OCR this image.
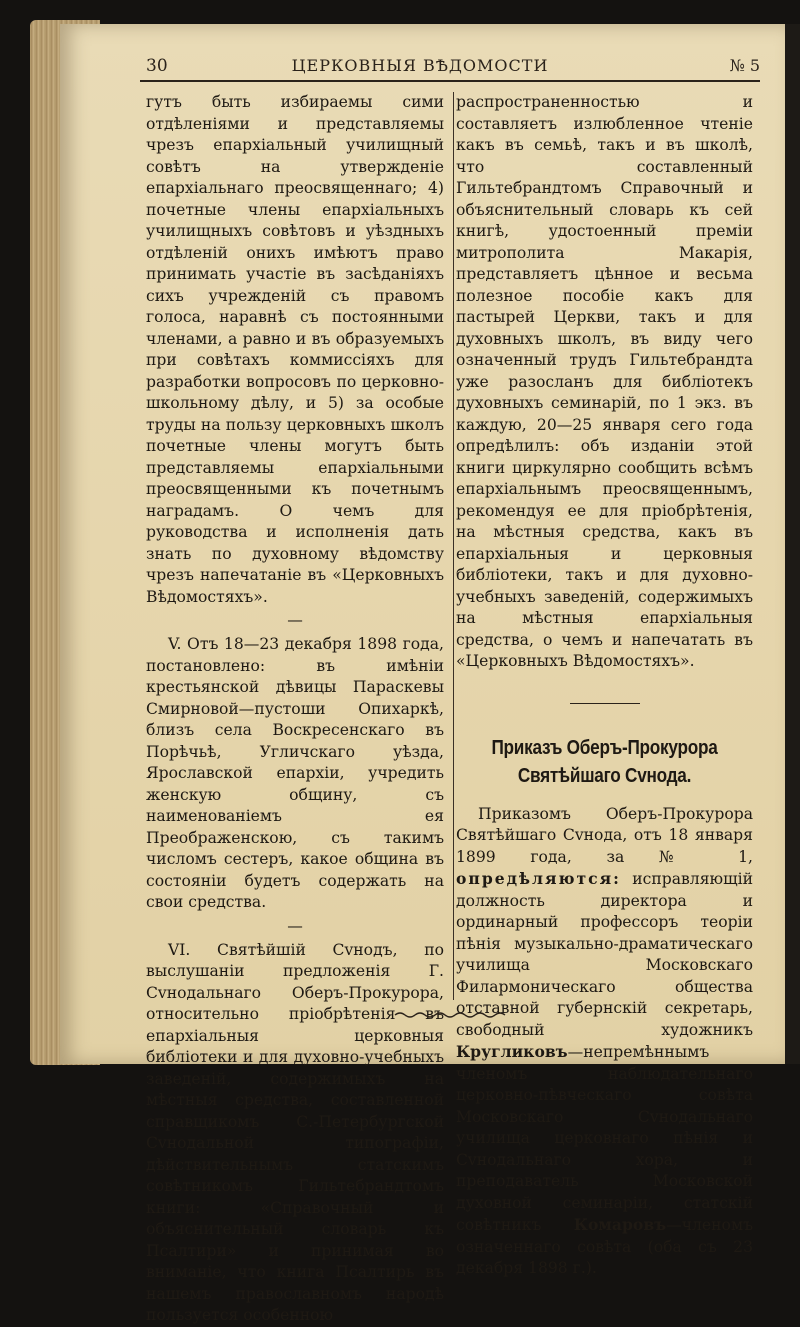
30	ЦЕРКОВНЫЯ ВѢДОМОСТИ	№ 5

гутъ быть избираемы сими отдѣленiями и представляемы чрезъ епархiальный училищный совѣтъ на утвержденiе епархiальнаго преосвященнаго; 4) почетные члены епархiальныхъ училищныхъ совѣтовъ и уѣздныхъ отдѣленiй онихъ имѣютъ право принимать участiе въ засѣданiяхъ сихъ учрежденiй съ правомъ голоса, наравнѣ съ постоянными членами, а равно и въ образуемыхъ при совѣтахъ коммиссiяхъ для разработки вопросовъ по церковно-школьному дѣлу, и 5) за особые труды на пользу церковныхъ школъ почетные члены могутъ быть представляемы епархiальными преосвященными къ почетнымъ наградамъ. О чемъ для руководства и исполненiя дать знать по духовному вѣдомству чрезъ напечатанiе въ «Церковныхъ Вѣдомостяхъ».

—

V. Отъ 18—23 декабря 1898 года, постановлено: въ имѣнiи крестьянской дѣвицы Параскевы Смирновой—пустоши Опихаркѣ, близъ села Воскресенскаго въ Порѣчьѣ, Угличскаго уѣзда, Ярославской епархiи, учредить женскую общину, съ наименованiемъ ея Преображенскою, съ такимъ числомъ сестеръ, какое община въ состоянiи будетъ содержать на свои средства.

—

VI. Святѣйшiй Сvнодъ, по выслушанiи предложенiя Г. Сvнодальнаго Оберъ-Прокурора, относительно прiобрѣтенiя въ епархiальныя церковныя библiотеки и для духовно-учебныхъ заведенiй, содержимыхъ на мѣстныя средства, составленной справщикомъ С.-Петербургской Сvнодальной типографiи, дѣйствительнымъ статскимъ совѣтникомъ Гильтебрандтомъ книги: «Справочный и объяснительный словарь къ Псалтири» и принимая во вниманiе, что книга Псалтирь въ нашемъ православномъ народѣ пользуется особенною

распространенностью и составляетъ излюбленное чтенiе какъ въ семьѣ, такъ и въ школѣ, что составленный Гильтебрандтомъ Справочный и объяснительный словарь къ сей книгѣ, удостоенный премiи митрополита Макарiя, представляетъ цѣнное и весьма полезное пособiе какъ для пастырей Церкви, такъ и для духовныхъ школъ, въ виду чего означенный трудъ Гильтебрандта уже разосланъ для библiотекъ духовныхъ семинарiй, по 1 экз. въ каждую, 20—25 января сего года опредѣлилъ: объ изданiи этой книги циркулярно сообщить всѣмъ епархiальнымъ преосвященнымъ, рекомендуя ее для прiобрѣтенiя, на мѣстныя средства, какъ въ епархiальныя и церковныя библiотеки, такъ и для духовно-учебныхъ заведенiй, содержимыхъ на мѣстныя епархiальныя средства, о чемъ и напечатать въ «Церковныхъ Вѣдомостяхъ».

Приказъ Оберъ-Прокурора Святѣйшаго Сvнода.

Приказомъ Оберъ-Прокурора Святѣйшаго Сvнода, отъ 18 января 1899 года, за № 1, опредѣляются: исправляющiй должность директора и ординарный профессоръ теорiи пѣнiя музыкально-драматическаго училища Московскаго Филармоническаго общества отставной губернскiй секретарь, свободный художникъ Кругликовъ—непремѣннымъ членомъ наблюдательнаго церковно-пѣвческаго совѣта Московскаго Сvнодальнаго училища церковнаго пѣнiя и Сvнодальнаго хора, и преподаватель Московской духовной семинарiи, статскiй совѣтникъ Комаровъ—членомъ означеннаго совѣта (оба съ 23 декабря 1898 г.).
